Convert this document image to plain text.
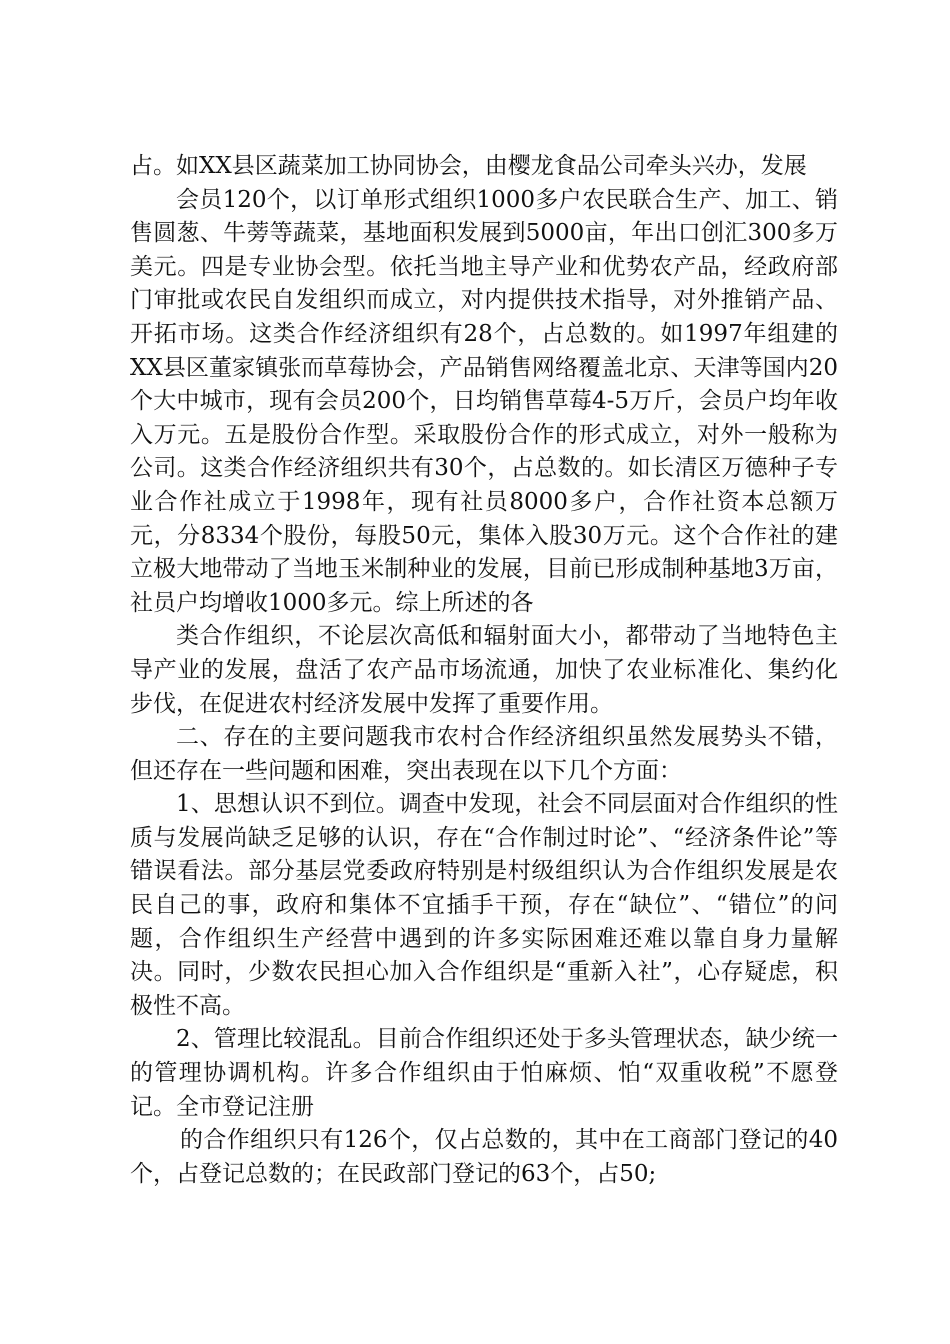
占。如XX县区蔬菜加工协同协会，由樱龙食品公司牵头兴办，发展

会员120个，以订单形式组织1000多户农民联合生产、加工、销售圆葱、牛蒡等蔬菜，基地面积发展到5000亩，年出口创汇300多万美元。四是专业协会型。依托当地主导产业和优势农产品，经政府部门审批或农民自发组织而成立，对内提供技术指导，对外推销产品、开拓市场。这类合作经济组织有28个，占总数的。如1997年组建的XX县区董家镇张而草莓协会，产品销售网络覆盖北京、天津等国内20个大中城市，现有会员200个，日均销售草莓4-5万斤，会员户均年收入万元。五是股份合作型。采取股份合作的形式成立，对外一般称为公司。这类合作经济组织共有30个，占总数的。如长清区万德种子专业合作社成立于1998年，现有社员8000多户，合作社资本总额万元，分8334个股份，每股50元，集体入股30万元。这个合作社的建立极大地带动了当地玉米制种业的发展，目前已形成制种基地3万亩，社员户均增收1000多元。综上所述的各

类合作组织，不论层次高低和辐射面大小，都带动了当地特色主导产业的发展，盘活了农产品市场流通，加快了农业标准化、集约化步伐，在促进农村经济发展中发挥了重要作用。

二、存在的主要问题我市农村合作经济组织虽然发展势头不错，但还存在一些问题和困难，突出表现在以下几个方面：

1、思想认识不到位。调查中发现，社会不同层面对合作组织的性质与发展尚缺乏足够的认识，存在“合作制过时论”、“经济条件论”等错误看法。部分基层党委政府特别是村级组织认为合作组织发展是农民自己的事，政府和集体不宜插手干预，存在“缺位”、“错位”的问题，合作组织生产经营中遇到的许多实际困难还难以靠自身力量解决。同时，少数农民担心加入合作组织是“重新入社”，心存疑虑，积极性不高。

2、管理比较混乱。目前合作组织还处于多头管理状态，缺少统一的管理协调机构。许多合作组织由于怕麻烦、怕“双重收税”不愿登记。全市登记注册

的合作组织只有126个，仅占总数的，其中在工商部门登记的40个，占登记总数的；在民政部门登记的63个，占50;
